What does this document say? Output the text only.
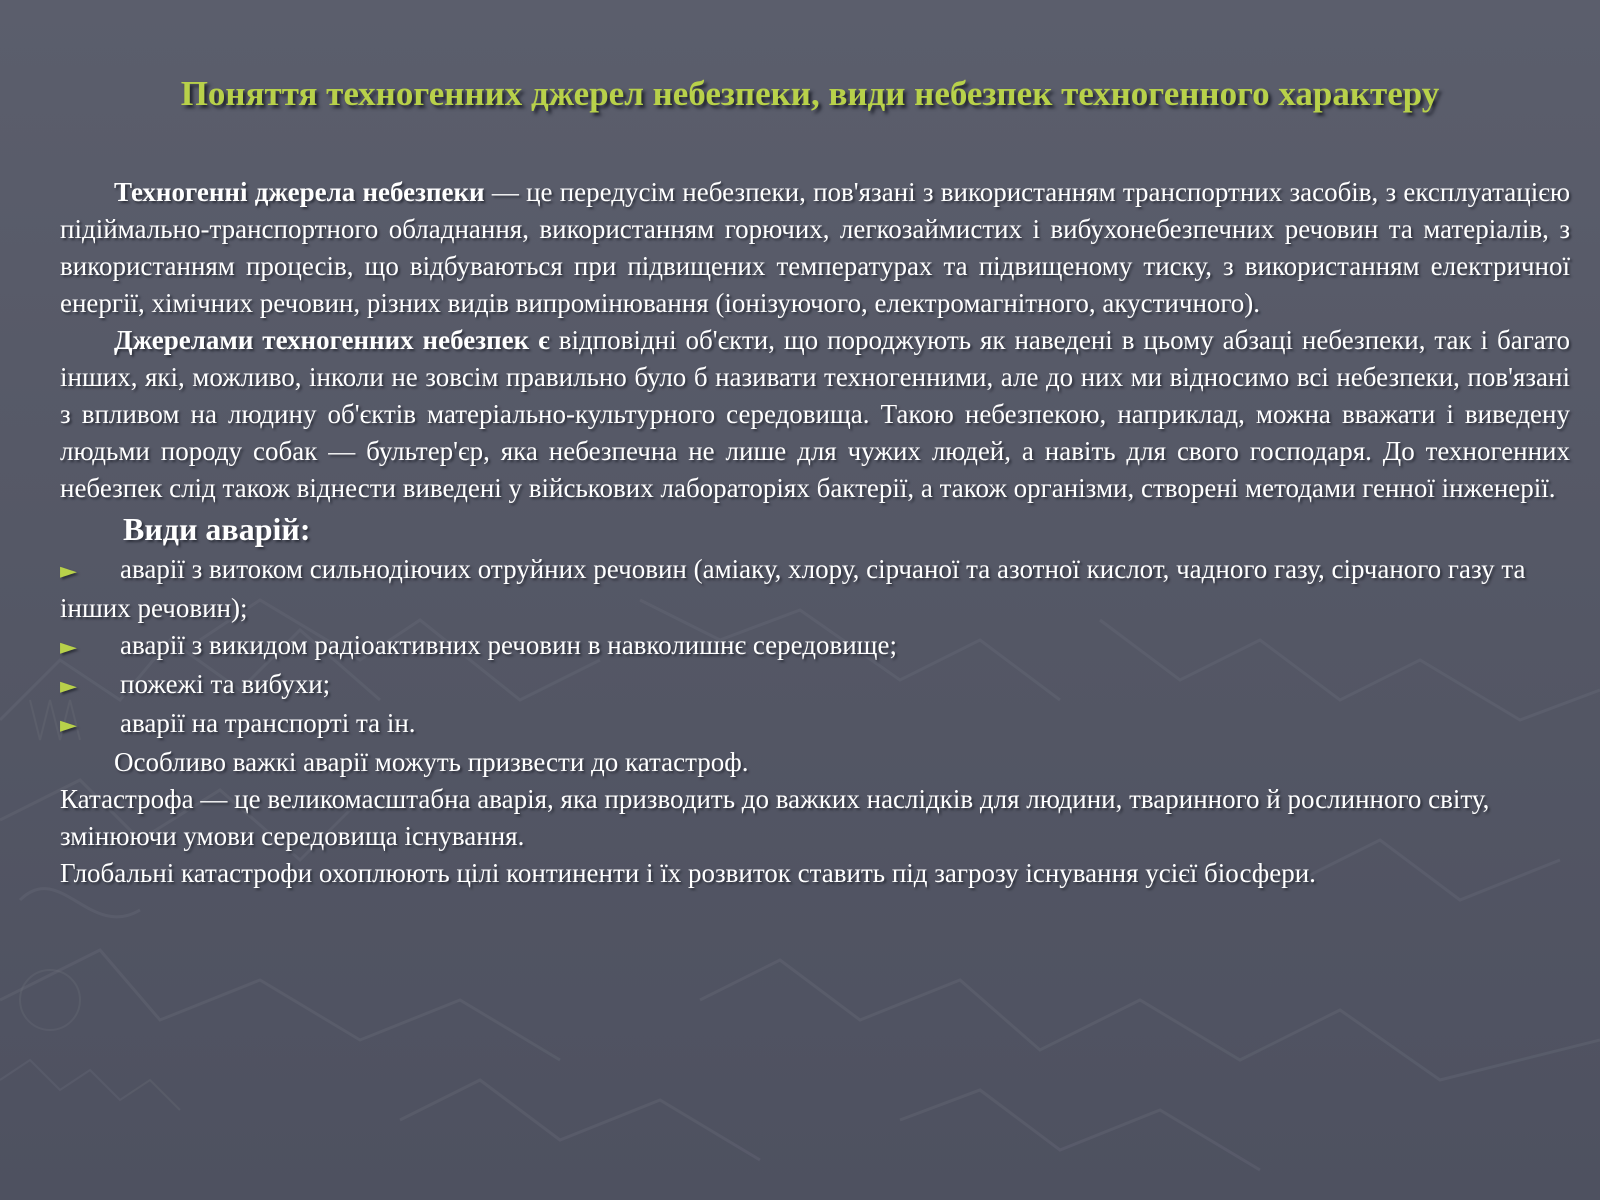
Поняття техногенних джерел небезпеки, види небезпек техногенного характеру

Техногенні джерела небезпеки — це передусім небезпеки, пов'язані з використанням транспортних засобів, з експлуатацією підіймально-транспортного обладнання, використанням горючих, легкозаймистих і вибухонебезпечних речовин та матеріалів, з використанням процесів, що відбуваються при підвищених температурах та підвищеному тиску, з використанням електричної енергії, хімічних речовин, різних видів випромінювання (іонізуючого, електромагнітного, акустичного).

Джерелами техногенних небезпек є відповідні об'єкти, що породжують як наведені в цьому абзаці небезпеки, так і багато інших, які, можливо, інколи не зовсім правильно було б називати техногенними, але до них ми відносимо всі небезпеки, пов'язані з впливом на людину об'єктів матеріально-культурного середовища. Такою небезпекою, наприклад, можна вважати і виведену людьми породу собак — бультер'єр, яка небезпечна не лише для чужих людей, а навіть для свого господаря. До техногенних небезпек слід також віднести виведені у військових лабораторіях бактерії, а також організми, створені методами генної інженерії.

Види аварій:

► аварії з витоком сильнодіючих отруйних речовин (аміаку, хлору, сірчаної та азотної кислот, чадного газу, сірчаного газу та інших речовин);

► аварії з викидом радіоактивних речовин в навколишнє середовище;

► пожежі та вибухи;

► аварії на транспорті та ін.

Особливо важкі аварії можуть призвести до катастроф.

Катастрофа — це великомасштабна аварія, яка призводить до важких наслідків для людини, тваринного й рослинного світу, змінюючи умови середовища існування.

Глобальні катастрофи охоплюють цілі континенти і їх розвиток ставить під загрозу існування усієї біосфери.
